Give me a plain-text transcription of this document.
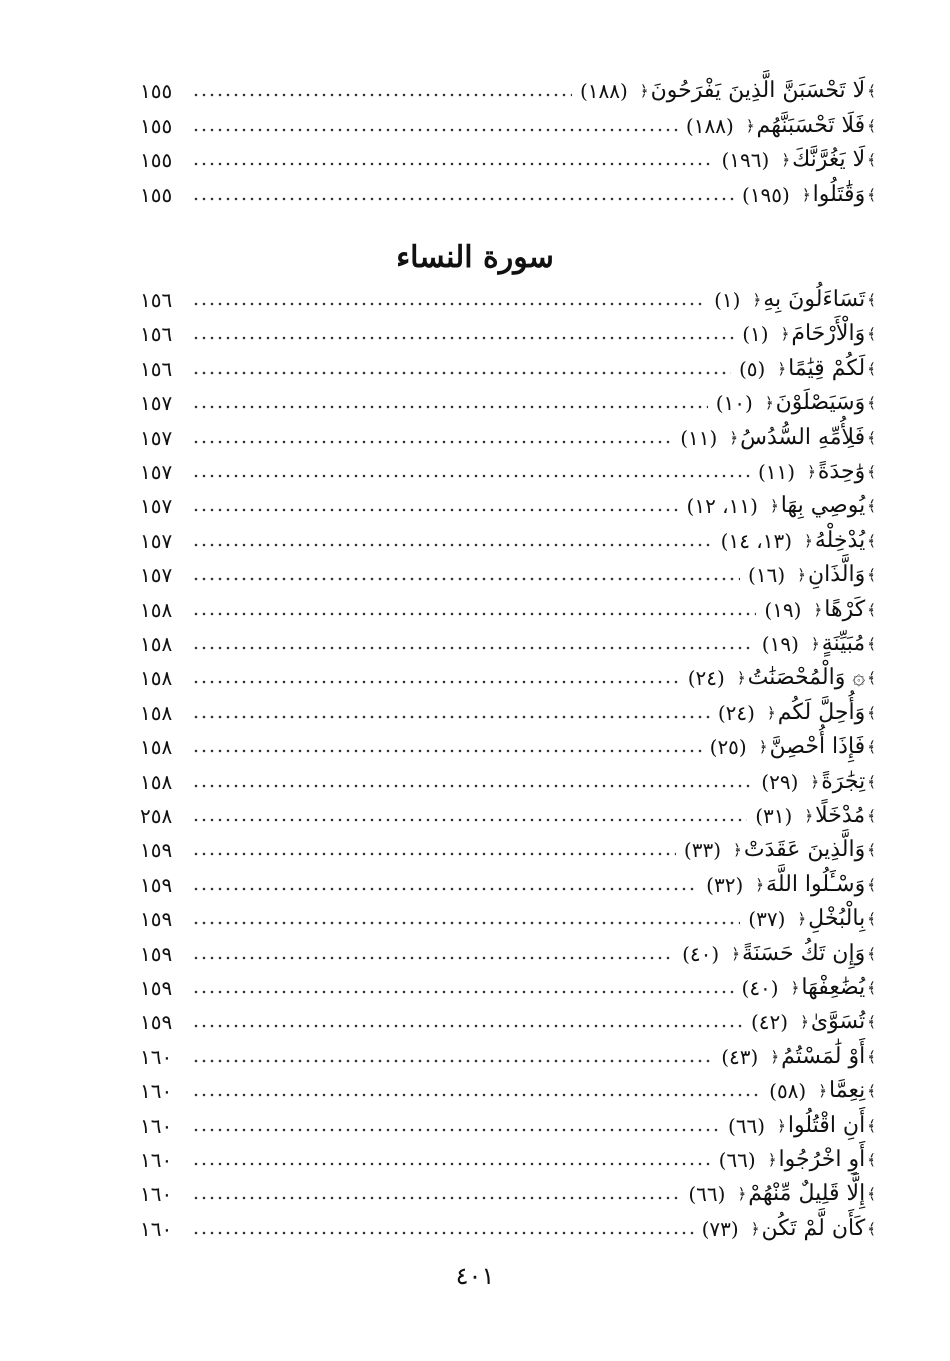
﴾
لَا تَحْسَبَنَّ الَّذِينَ يَفْرَحُونَ
﴿
(١٨٨)
١٥٥
﴾
فَلَا تَحْسَبَنَّهُم
﴿
(١٨٨)
١٥٥
﴾
لَا يَغُرَّنَّكَ
﴿
(١٩٦)
١٥٥
﴾
وَقَٰتَلُوا
﴿
(١٩٥)
١٥٥
سورة النساء
﴾
تَسَاءَلُونَ بِهِ
﴿
(١)
١٥٦
﴾
وَالْأَرْحَامَ
﴿
(١)
١٥٦
﴾
لَكُمْ قِيَٰمًا
﴿
(٥)
١٥٦
﴾
وَسَيَصْلَوْنَ
﴿
(١٠)
١٥٧
﴾
فَلِأُمِّهِ السُّدُسُ
﴿
(١١)
١٥٧
﴾
وَٰحِدَةً
﴿
(١١)
١٥٧
﴾
يُوصِي بِهَا
﴿
(١١، ١٢)
١٥٧
﴾
يُدْخِلْهُ
﴿
(١٣، ١٤)
١٥٧
﴾
وَالَّذَانِ
﴿
(١٦)
١٥٧
﴾
كَرْهًا
﴿
(١٩)
١٥٨
﴾
مُبَيِّنَةٍ
﴿
(١٩)
١٥٨
﴾
۞ وَالْمُحْصَنَٰتُ
﴿
(٢٤)
١٥٨
﴾
وَأُحِلَّ لَكُم
﴿
(٢٤)
١٥٨
﴾
فَإِذَا أُحْصِنَّ
﴿
(٢٥)
١٥٨
﴾
تِجَٰرَةً
﴿
(٢٩)
١٥٨
﴾
مُدْخَلًا
﴿
(٣١)
٢٥٨
﴾
وَالَّذِينَ عَقَدَتْ
﴿
(٣٣)
١٥٩
﴾
وَسْـَٔلُوا اللَّهَ
﴿
(٣٢)
١٥٩
﴾
بِالْبُخْلِ
﴿
(٣٧)
١٥٩
﴾
وَإِن تَكُ حَسَنَةً
﴿
(٤٠)
١٥٩
﴾
يُضَٰعِفْهَا
﴿
(٤٠)
١٥٩
﴾
تُسَوَّىٰ
﴿
(٤٢)
١٥٩
﴾
أَوْ لَٰمَسْتُمُ
﴿
(٤٣)
١٦٠
﴾
نِعِمَّا
﴿
(٥٨)
١٦٠
﴾
أَنِ اقْتُلُوا
﴿
(٦٦)
١٦٠
﴾
أَوِ اخْرُجُوا
﴿
(٦٦)
١٦٠
﴾
إِلَّا قَلِيلٌ مِّنْهُمْ
﴿
(٦٦)
١٦٠
﴾
كَأَن لَّمْ تَكُن
﴿
(٧٣)
١٦٠
٤٠١
